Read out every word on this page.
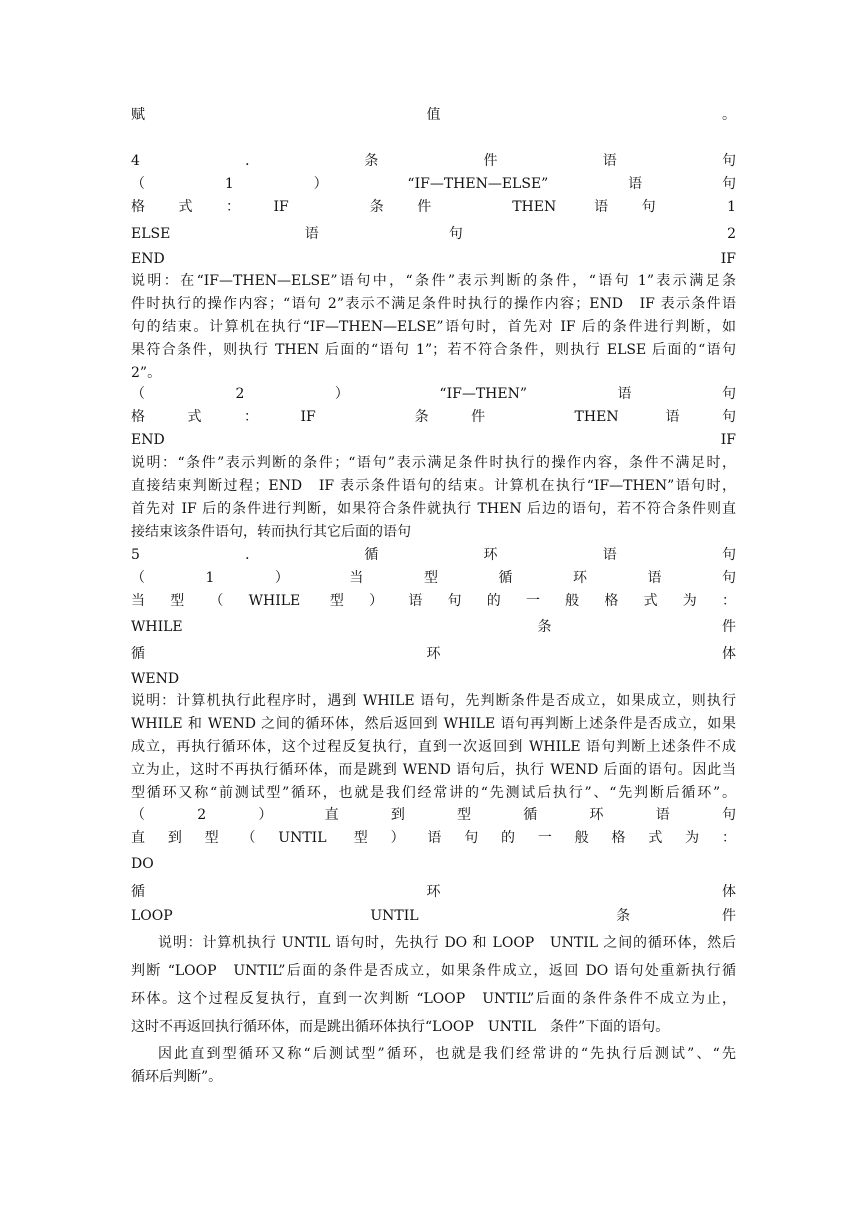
赋值。

4．条件语句

（1）“IF—THEN—ELSE”语句

格式：IF　条件　THEN 语句 1

ELSE 语句 2

END　IF

说明：在“IF—THEN—ELSE”语句中，“条件”表示判断的条件，“语句 1”表示满足条

件时执行的操作内容；“语句 2”表示不满足条件时执行的操作内容；END　IF 表示条件语

句的结束。计算机在执行“IF—THEN—ELSE”语句时，首先对 IF 后的条件进行判断，如

果符合条件，则执行 THEN 后面的“语句 1”；若不符合条件，则执行 ELSE 后面的“语句

2”。

（2）“IF—THEN”语句

格式：IF　条件 THEN 语句

END　IF

说明：“条件”表示判断的条件；“语句”表示满足条件时执行的操作内容，条件不满足时，

直接结束判断过程；END　IF 表示条件语句的结束。计算机在执行“IF—THEN”语句时，

首先对 IF 后的条件进行判断，如果符合条件就执行 THEN 后边的语句，若不符合条件则直

接结束该条件语句，转而执行其它后面的语句

5．循环语句

（1）当型循环语句

当型（WHILE 型）语句的一般格式为：

WHILE　条件

循环体

WEND

说明：计算机执行此程序时，遇到 WHILE 语句，先判断条件是否成立，如果成立，则执行

WHILE 和 WEND 之间的循环体，然后返回到 WHILE 语句再判断上述条件是否成立，如果

成立，再执行循环体，这个过程反复执行，直到一次返回到 WHILE 语句判断上述条件不成

立为止，这时不再执行循环体，而是跳到 WEND 语句后，执行 WEND 后面的语句。因此当

型循环又称“前测试型”循环，也就是我们经常讲的“先测试后执行”、“先判断后循环”。

（2）直到型循环语句

直到型（UNTIL 型）语句的一般格式为：

DO

循环体

LOOP　UNTIL　条件

说明：计算机执行 UNTIL 语句时，先执行 DO 和 LOOP　UNTIL 之间的循环体，然后

判断 “LOOP　UNTIL”后面的条件是否成立，如果条件成立，返回 DO 语句处重新执行循

环体。这个过程反复执行，直到一次判断 “LOOP　UNTIL”后面的条件条件不成立为止，

这时不再返回执行循环体，而是跳出循环体执行“LOOP　UNTIL　条件”下面的语句。

因此直到型循环又称“后测试型”循环，也就是我们经常讲的“先执行后测试”、“先

循环后判断”。
